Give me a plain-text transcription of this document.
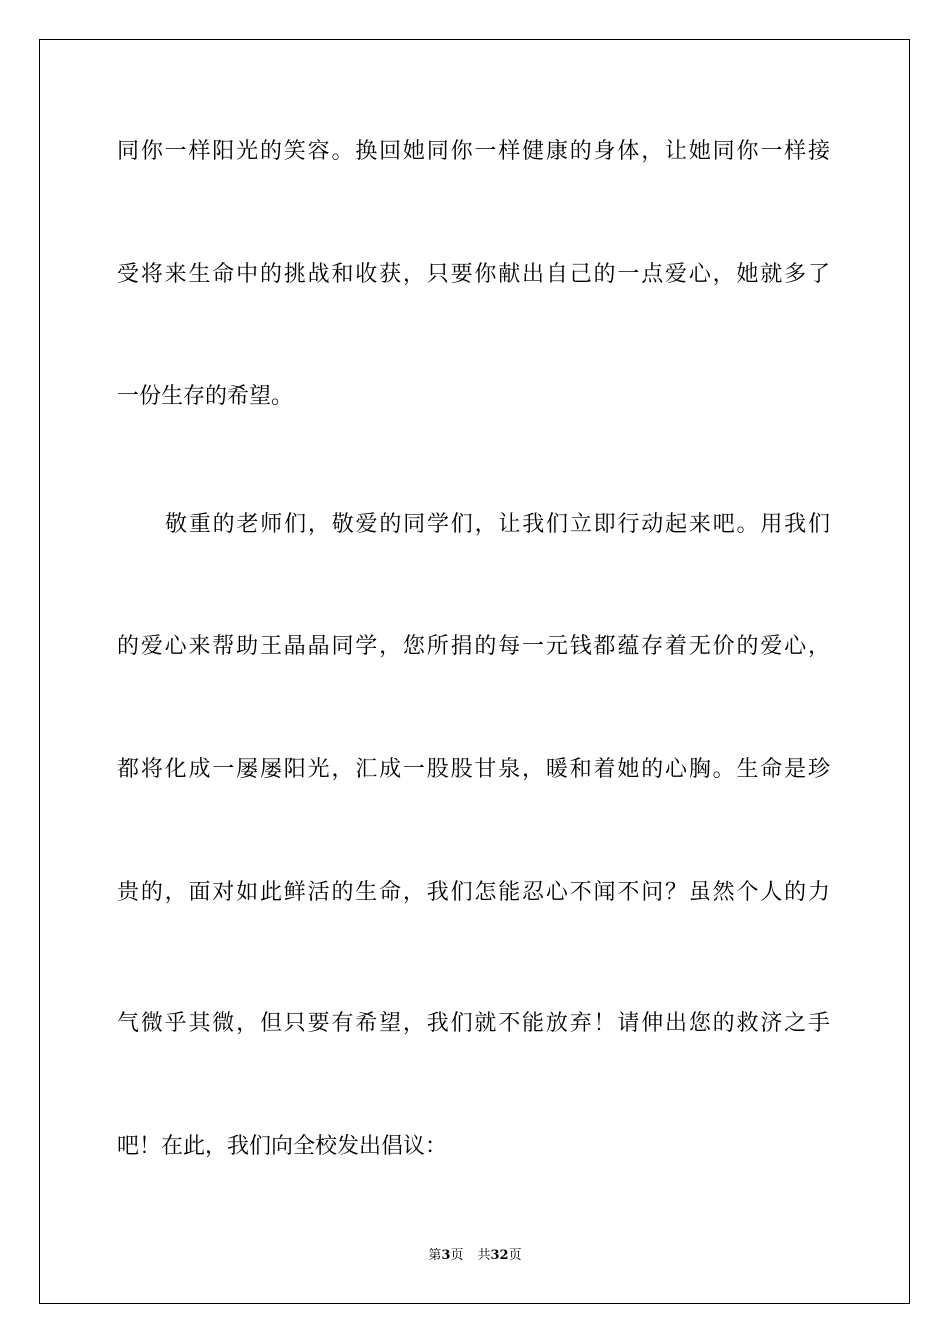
同你一样阳光的笑容。换回她同你一样健康的身体，让她同你一样接

受将来生命中的挑战和收获，只要你献出自己的一点爱心，她就多了

一份生存的希望。

敬重的老师们，敬爱的同学们，让我们立即行动起来吧。用我们

的爱心来帮助王晶晶同学，您所捐的每一元钱都蕴存着无价的爱心，

都将化成一屡屡阳光，汇成一股股甘泉，暖和着她的心胸。生命是珍

贵的，面对如此鲜活的生命，我们怎能忍心不闻不问？虽然个人的力

气微乎其微，但只要有希望，我们就不能放弃！请伸出您的救济之手

吧！在此，我们向全校发出倡议：

第3页 共32页
